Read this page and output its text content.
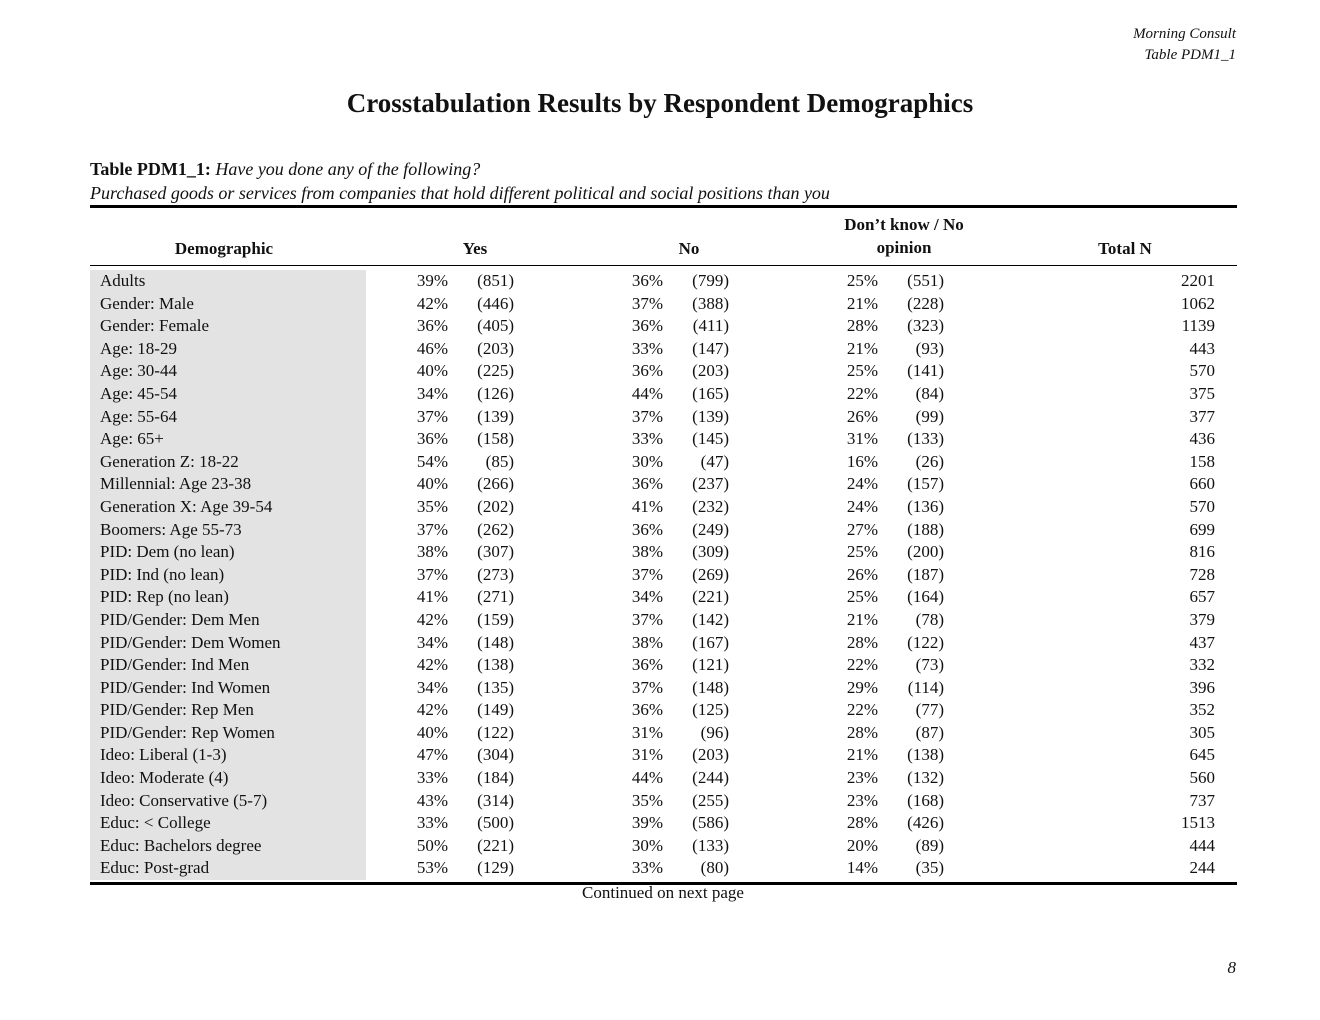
Morning Consult
Table PDM1_1
Crosstabulation Results by Respondent Demographics
Table PDM1_1: Have you done any of the following?
Purchased goods or services from companies that hold different political and social positions than you
Demographic	Yes	No
Don’t know / No
opinion	Total N
Adults	39% (851)	36% (799)	25% (551)	2201
Gender: Male	42% (446)	37% (388)	21% (228)	1062
Gender: Female	36% (405)	36% (411)	28% (323)	1139
Age: 18-29	46% (203)	33% (147)	21% (93)	443
Age: 30-44	40% (225)	36% (203)	25% (141)	570
Age: 45-54	34% (126)	44% (165)	22% (84)	375
Age: 55-64	37% (139)	37% (139)	26% (99)	377
Age: 65+	36% (158)	33% (145)	31% (133)	436
Generation Z: 18-22	54% (85)	30% (47)	16% (26)	158
Millennial: Age 23-38	40% (266)	36% (237)	24% (157)	660
Generation X: Age 39-54	35% (202)	41% (232)	24% (136)	570
Boomers: Age 55-73	37% (262)	36% (249)	27% (188)	699
PID: Dem (no lean)	38% (307)	38% (309)	25% (200)	816
PID: Ind (no lean)	37% (273)	37% (269)	26% (187)	728
PID: Rep (no lean)	41% (271)	34% (221)	25% (164)	657
PID/Gender: Dem Men	42% (159)	37% (142)	21% (78)	379
PID/Gender: Dem Women	34% (148)	38% (167)	28% (122)	437
PID/Gender: Ind Men	42% (138)	36% (121)	22% (73)	332
PID/Gender: Ind Women	34% (135)	37% (148)	29% (114)	396
PID/Gender: Rep Men	42% (149)	36% (125)	22% (77)	352
PID/Gender: Rep Women	40% (122)	31% (96)	28% (87)	305
Ideo: Liberal (1-3)	47% (304)	31% (203)	21% (138)	645
Ideo: Moderate (4)	33% (184)	44% (244)	23% (132)	560
Ideo: Conservative (5-7)	43% (314)	35% (255)	23% (168)	737
Educ: < College	33% (500)	39% (586)	28% (426)	1513
Educ: Bachelors degree	50% (221)	30% (133)	20% (89)	444
Educ: Post-grad	53% (129)	33% (80)	14% (35)	244
Continued on next page
8
